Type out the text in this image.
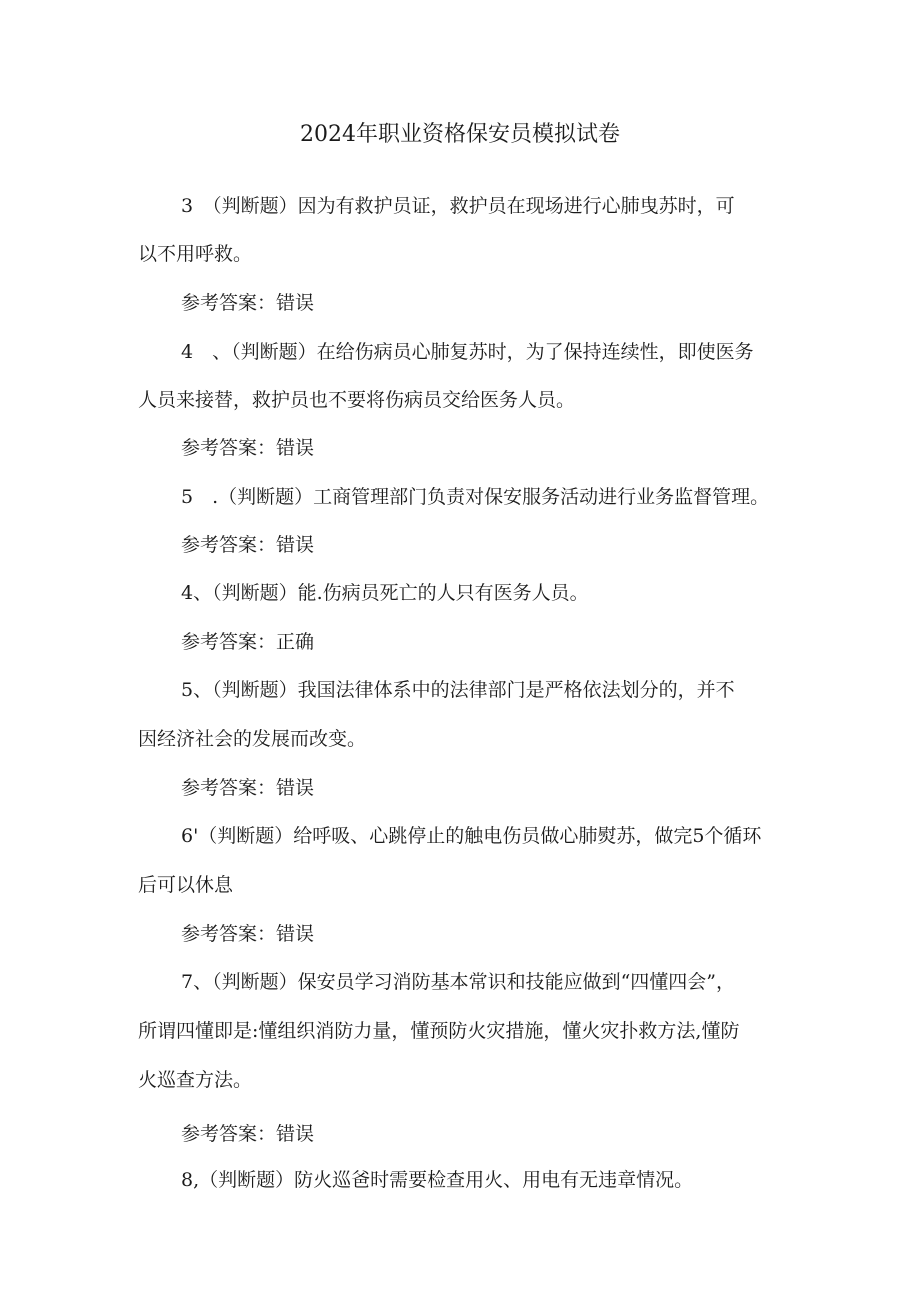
2024年职业资格保安员模拟试卷
3　（判断题）因为有救护员证，救护员在现场进行心肺曳苏时，可
以不用呼救。
参考答案：错误
4　、（判断题）在给伤病员心肺复苏时，为了保持连续性，即使医务
人员来接替，救护员也不要将伤病员交给医务人员。
参考答案：错误
5　.（判断题）工商管理部门负责对保安服务活动进行业务监督管理。
参考答案：错误
4、（判断题）能.伤病员死亡的人只有医务人员。
参考答案：正确
5、（判断题）我国法律体系中的法律部门是严格依法划分的，并不
因经济社会的发展而改变。
参考答案：错误
6'（判断题）给呼吸、心跳停止的触电伤员做心肺熨苏，做完5个循环
后可以休息
参考答案：错误
7、（判断题）保安员学习消防基本常识和技能应做到“四懂四会”，
所谓四懂即是:懂组织消防力量，懂预防火灾措施，懂火灾扑救方法,懂防
火巡查方法。
参考答案：错误
8,（判断题）防火巡爸时需要检查用火、用电有无违章情况。
